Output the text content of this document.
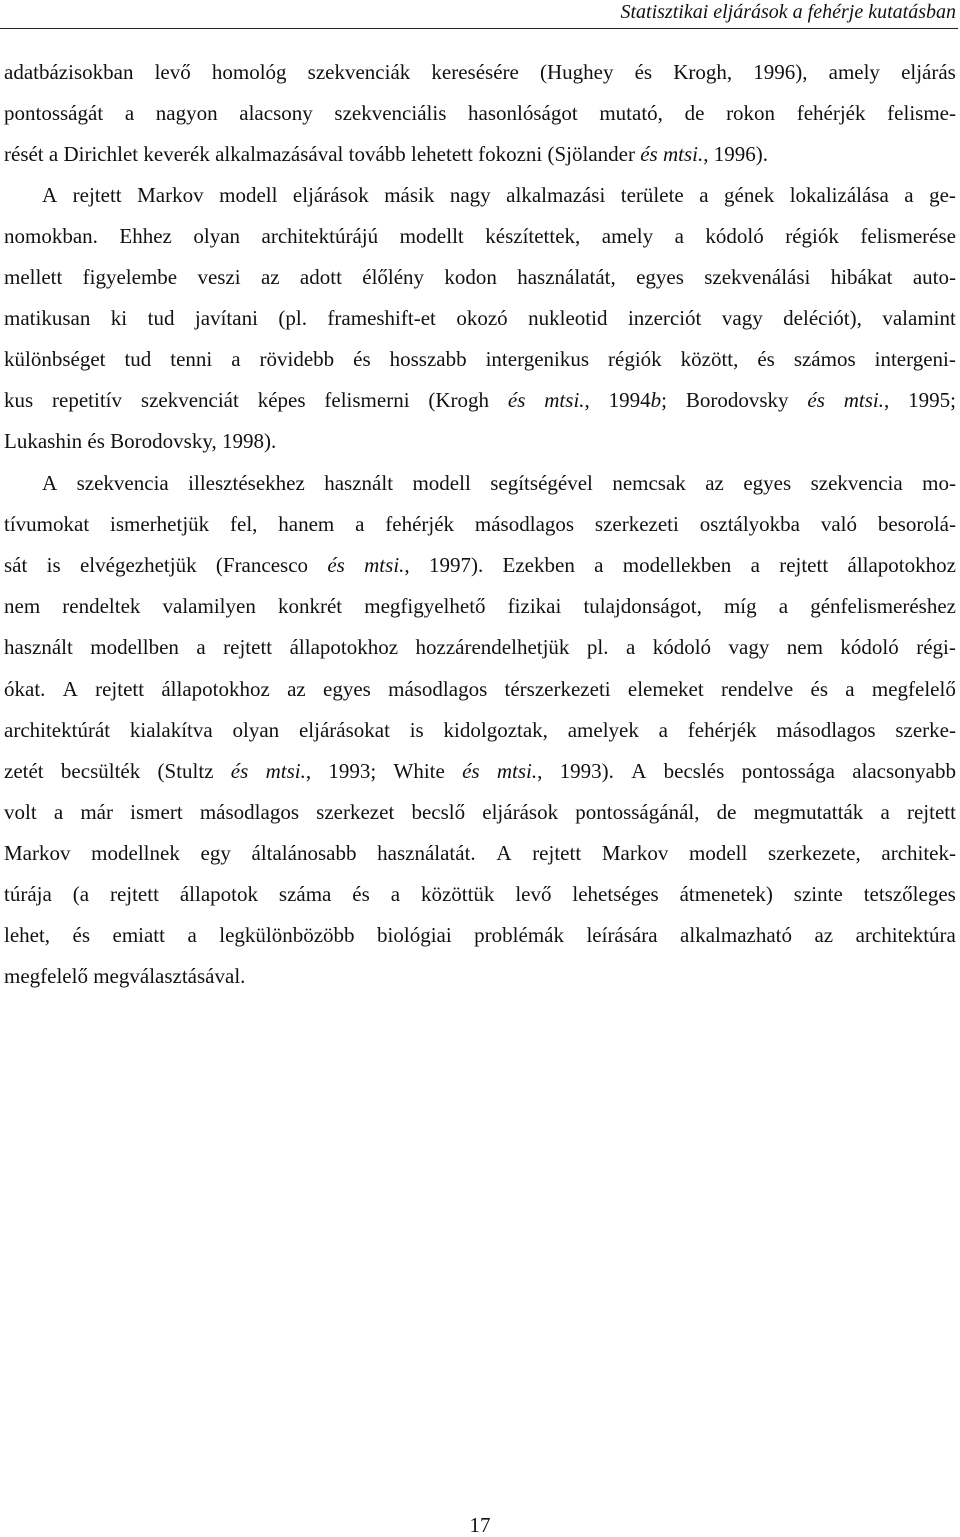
Statisztikai eljárások a fehérje kutatásban
adatbázisokban levő homológ szekvenciák keresésére (Hughey és Krogh, 1996), amely eljárás
pontosságát a nagyon alacsony szekvenciális hasonlóságot mutató, de rokon fehérjék felisme-
rését a Dirichlet keverék alkalmazásával tovább lehetett fokozni (Sjölander és mtsi., 1996).
A rejtett Markov modell eljárások másik nagy alkalmazási területe a gének lokalizálása a ge-
nomokban. Ehhez olyan architektúrájú modellt készítettek, amely a kódoló régiók felismerése
mellett figyelembe veszi az adott élőlény kodon használatát, egyes szekvenálási hibákat auto-
matikusan ki tud javítani (pl. frameshift-et okozó nukleotid inzerciót vagy deléciót), valamint
különbséget tud tenni a rövidebb és hosszabb intergenikus régiók között, és számos intergeni-
kus repetitív szekvenciát képes felismerni (Krogh és mtsi., 1994b; Borodovsky és mtsi., 1995;
Lukashin és Borodovsky, 1998).
A szekvencia illesztésekhez használt modell segítségével nemcsak az egyes szekvencia mo-
tívumokat ismerhetjük fel, hanem a fehérjék másodlagos szerkezeti osztályokba való besorolá-
sát is elvégezhetjük (Francesco és mtsi., 1997). Ezekben a modellekben a rejtett állapotokhoz
nem rendeltek valamilyen konkrét megfigyelhető fizikai tulajdonságot, míg a génfelismeréshez
használt modellben a rejtett állapotokhoz hozzárendelhetjük pl. a kódoló vagy nem kódoló régi-
ókat. A rejtett állapotokhoz az egyes másodlagos térszerkezeti elemeket rendelve és a megfelelő
architektúrát kialakítva olyan eljárásokat is kidolgoztak, amelyek a fehérjék másodlagos szerke-
zetét becsülték (Stultz és mtsi., 1993; White és mtsi., 1993). A becslés pontossága alacsonyabb
volt a már ismert másodlagos szerkezet becslő eljárások pontosságánál, de megmutatták a rejtett
Markov modellnek egy általánosabb használatát. A rejtett Markov modell szerkezete, architek-
túrája (a rejtett állapotok száma és a közöttük levő lehetséges átmenetek) szinte tetszőleges
lehet, és emiatt a legkülönbözöbb biológiai problémák leírására alkalmazható az architektúra
megfelelő megválasztásával.
17
